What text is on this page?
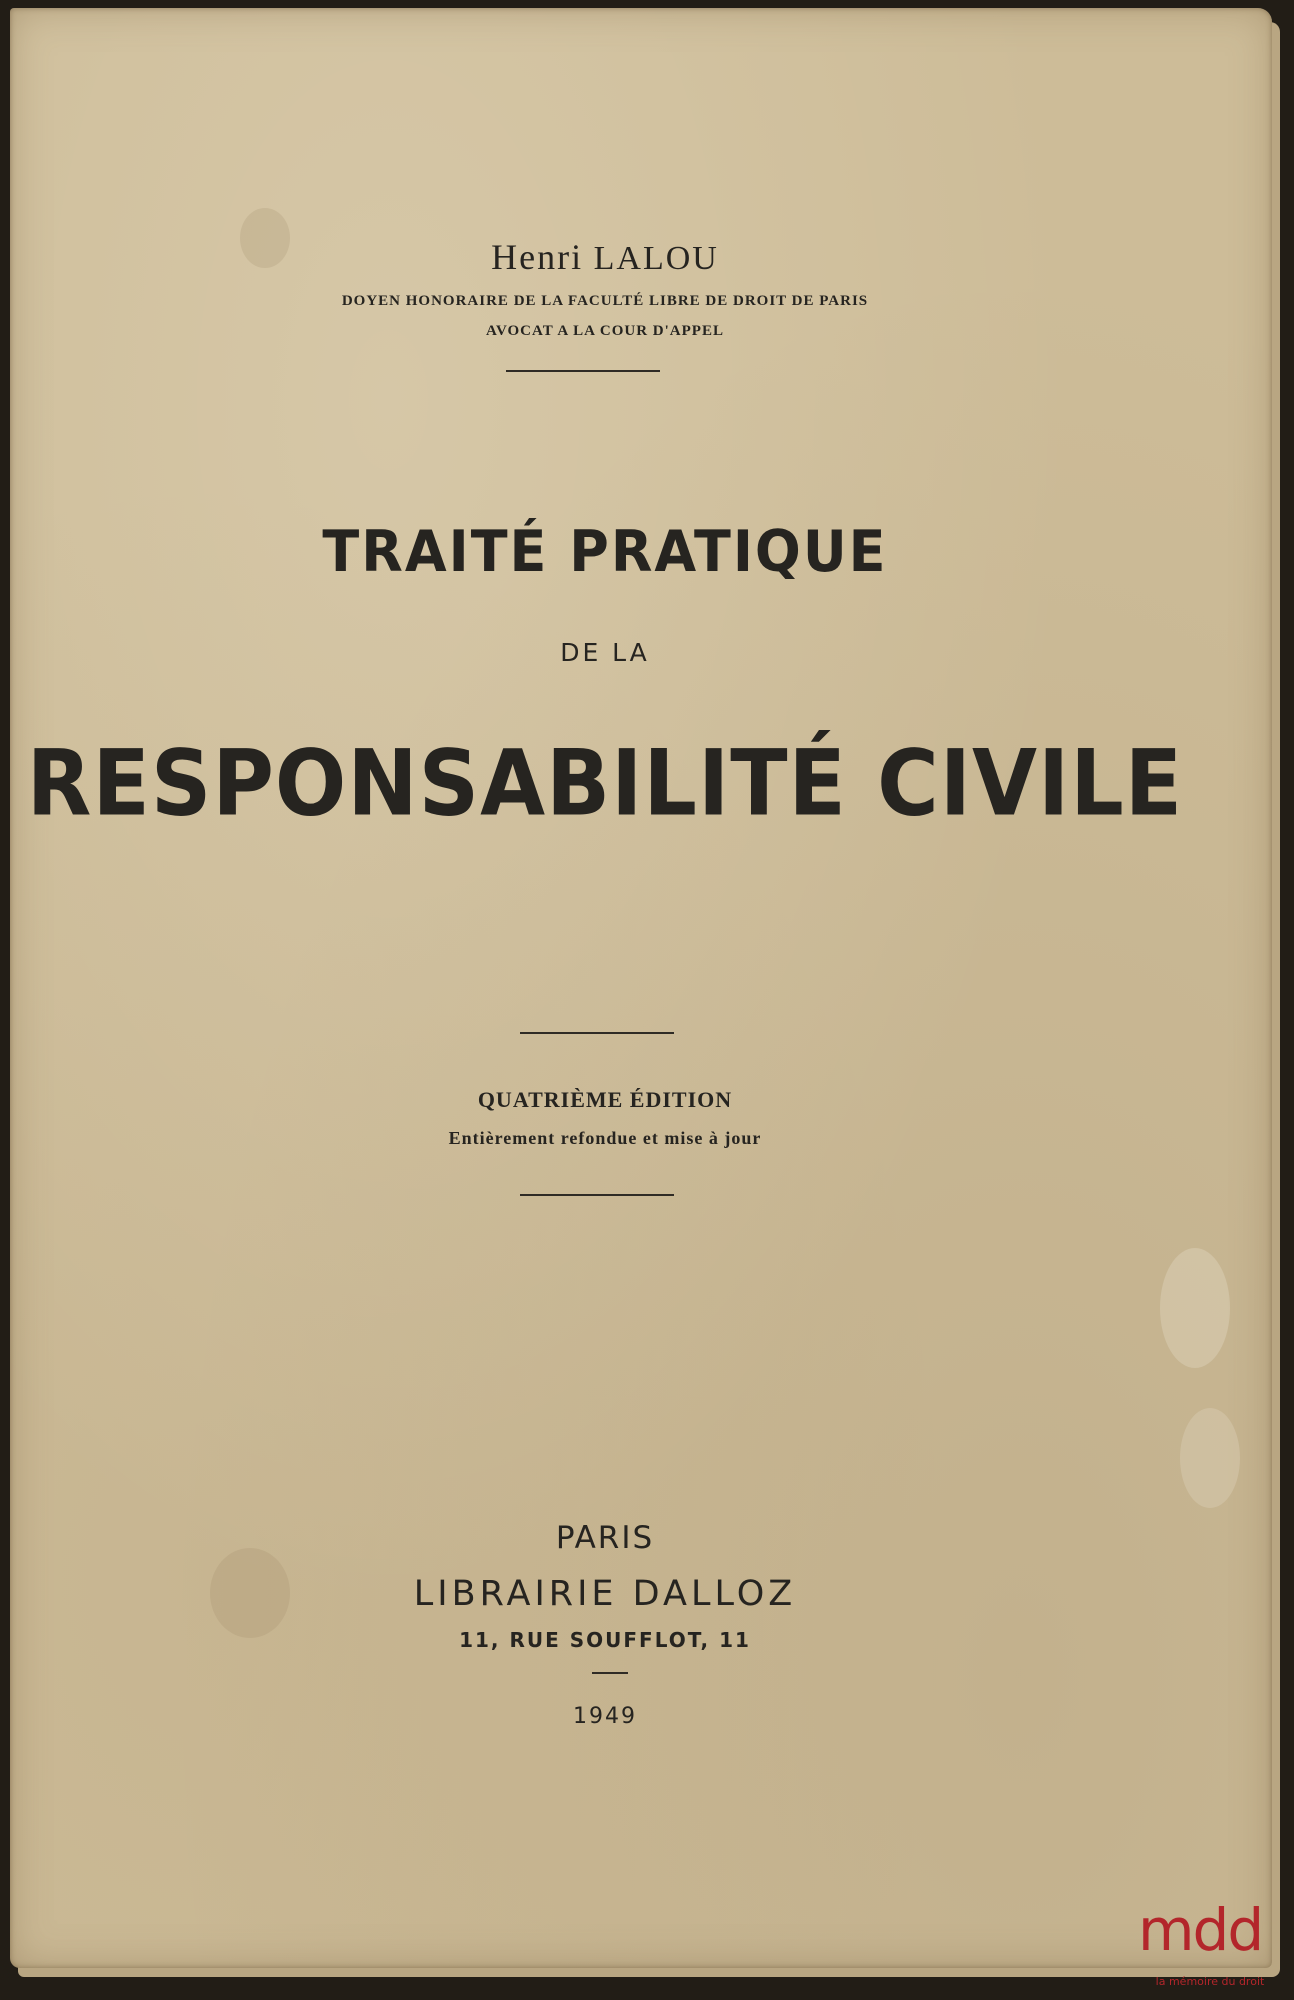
Henri LALOU
DOYEN HONORAIRE DE LA FACULTÉ LIBRE DE DROIT DE PARIS
AVOCAT A LA COUR D'APPEL
TRAITÉ PRATIQUE
DE LA
RESPONSABILITÉ CIVILE
QUATRIÈME ÉDITION
Entièrement refondue et mise à jour
PARIS
LIBRAIRIE DALLOZ
11, RUE SOUFFLOT, 11
1949
mdd
la mémoire du droit
